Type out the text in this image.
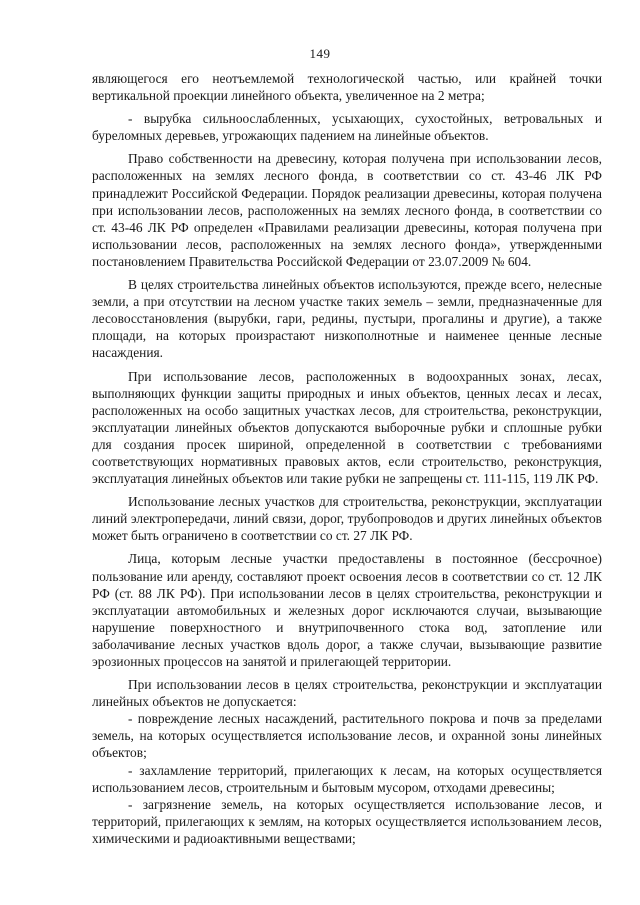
149

являющегося его неотъемлемой технологической частью, или крайней точки вертикальной проекции линейного объекта, увеличенное на 2 метра;

- вырубка сильноослабленных, усыхающих, сухостойных, ветровальных и буреломных деревьев, угрожающих падением на линейные объектов.

Право собственности на древесину, которая получена при использовании лесов, расположенных на землях лесного фонда, в соответствии со ст. 43-46 ЛК РФ принадлежит Российской Федерации. Порядок реализации древесины, которая получена при использовании лесов, расположенных на землях лесного фонда, в соответствии со ст. 43-46 ЛК РФ определен «Правилами реализации древесины, которая получена при использовании лесов, расположенных на землях лесного фонда», утвержденными постановлением Правительства Российской Федерации от 23.07.2009 № 604.

В целях строительства линейных объектов используются, прежде всего, нелесные земли, а при отсутствии на лесном участке таких земель – земли, предназначенные для лесовосстановления (вырубки, гари, редины, пустыри, прогалины и другие), а также площади, на которых произрастают низкополнотные и наименее ценные лесные насаждения.

При использование лесов, расположенных в водоохранных зонах, лесах, выполняющих функции защиты природных и иных объектов, ценных лесах и лесах, расположенных на особо защитных участках лесов, для строительства, реконструкции, эксплуатации линейных объектов допускаются выборочные рубки и сплошные рубки для создания просек шириной, определенной в соответствии с требованиями соответствующих нормативных правовых актов, если строительство, реконструкция, эксплуатация линейных объектов или такие рубки не запрещены ст. 111-115, 119 ЛК РФ.

Использование лесных участков для строительства, реконструкции, эксплуатации линий электропередачи, линий связи, дорог, трубопроводов и других линейных объектов может быть ограничено в соответствии со ст. 27 ЛК РФ.

Лица, которым лесные участки предоставлены в постоянное (бессрочное) пользование или аренду, составляют проект освоения лесов в соответствии со ст. 12 ЛК РФ (ст. 88 ЛК РФ). При использовании лесов в целях строительства, реконструкции и эксплуатации автомобильных и железных дорог исключаются случаи, вызывающие нарушение поверхностного и внутрипочвенного стока вод, затопление или заболачивание лесных участков вдоль дорог, а также случаи, вызывающие развитие эрозионных процессов на занятой и прилегающей территории.

При использовании лесов в целях строительства, реконструкции и эксплуатации линейных объектов не допускается:

- повреждение лесных насаждений, растительного покрова и почв за пределами земель, на которых осуществляется использование лесов, и охранной зоны линейных объектов;

- захламление территорий, прилегающих к лесам, на которых осуществляется использованием лесов, строительным и бытовым мусором, отходами древесины;

- загрязнение земель, на которых осуществляется использование лесов, и территорий, прилегающих к землям, на которых осуществляется использованием лесов, химическими и радиоактивными веществами;
